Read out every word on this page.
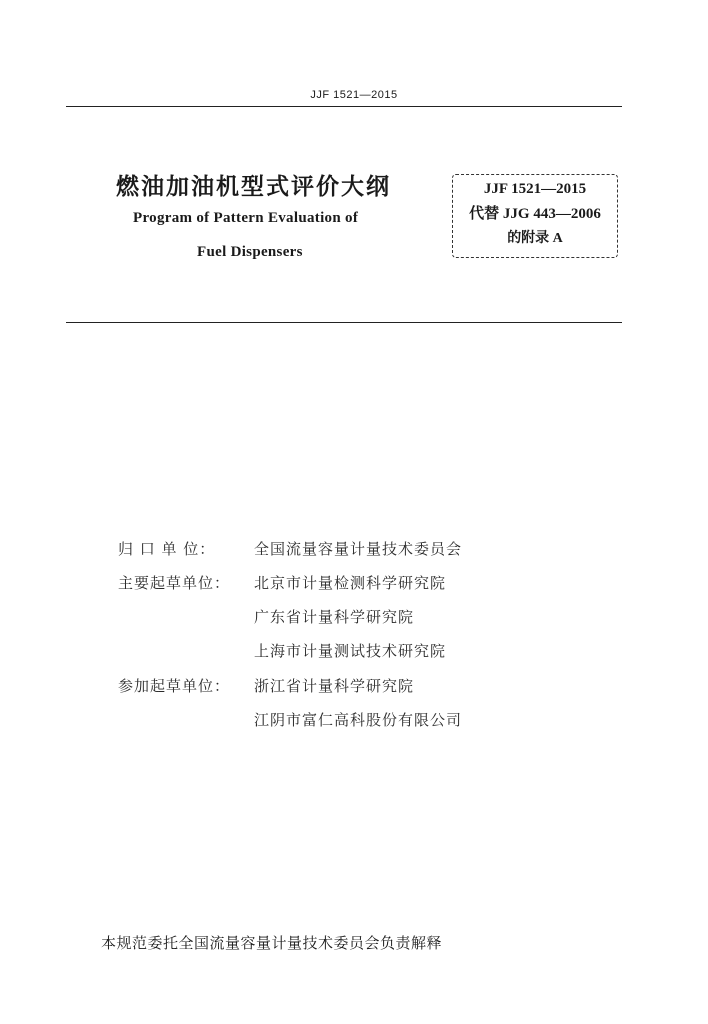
JJF 1521—2015
燃油加油机型式评价大纲
Program of Pattern Evaluation of
Fuel Dispensers
JJF 1521—2015
代替 JJG 443—2006
的附录 A
归 口 单 位：	全国流量容量计量技术委员会
主要起草单位： 北京市计量检测科学研究院
广东省计量科学研究院
上海市计量测试技术研究院
参加起草单位： 浙江省计量科学研究院
江阴市富仁高科股份有限公司
本规范委托全国流量容量计量技术委员会负责解释
